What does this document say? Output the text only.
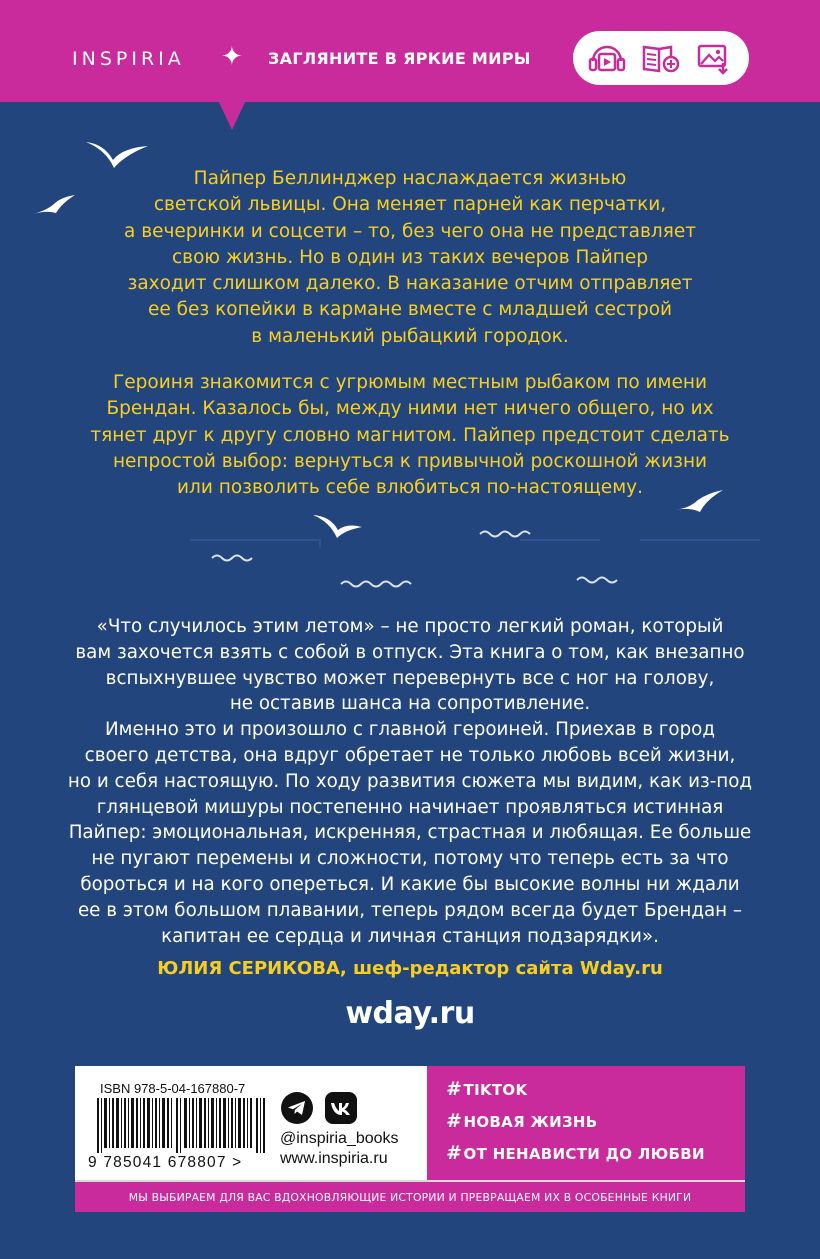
INSPIRIA ✦ ЗАГЛЯНИТЕ В ЯРКИЕ МИРЫ
Пайпер Беллинджер наслаждается жизнью
светской львицы. Она меняет парней как перчатки,
а вечеринки и соцсети – то, без чего она не представляет
свою жизнь. Но в один из таких вечеров Пайпер
заходит слишком далеко. В наказание отчим отправляет
ее без копейки в кармане вместе с младшей сестрой
в маленький рыбацкий городок.
Героиня знакомится с угрюмым местным рыбаком по имени
Брендан. Казалось бы, между ними нет ничего общего, но их
тянет друг к другу словно магнитом. Пайпер предстоит сделать
непростой выбор: вернуться к привычной роскошной жизни
или позволить себе влюбиться по-настоящему.
«Что случилось этим летом» – не просто легкий роман, который
вам захочется взять с собой в отпуск. Эта книга о том, как внезапно
вспыхнувшее чувство может перевернуть все с ног на голову,
не оставив шанса на сопротивление.
Именно это и произошло с главной героиней. Приехав в город
своего детства, она вдруг обретает не только любовь всей жизни,
но и себя настоящую. По ходу развития сюжета мы видим, как из-под
глянцевой мишуры постепенно начинает проявляться истинная
Пайпер: эмоциональная, искренняя, страстная и любящая. Ее больше
не пугают перемены и сложности, потому что теперь есть за что
бороться и на кого опереться. И какие бы высокие волны ни ждали
ее в этом большом плавании, теперь рядом всегда будет Брендан –
капитан ее сердца и личная станция подзарядки».
ЮЛИЯ СЕРИКОВА, шеф-редактор сайта Wday.ru
wday.ru
ISBN 978-5-04-167880-7
9 785041 678807 >
@inspiria_books
www.inspiria.ru
# TIKTOK
# НОВАЯ ЖИЗНЬ
# ОТ НЕНАВИСТИ ДО ЛЮБВИ
МЫ ВЫБИРАЕМ ДЛЯ ВАС ВДОХНОВЛЯЮЩИЕ ИСТОРИИ И ПРЕВРАЩАЕМ ИХ В ОСОБЕННЫЕ КНИГИ
